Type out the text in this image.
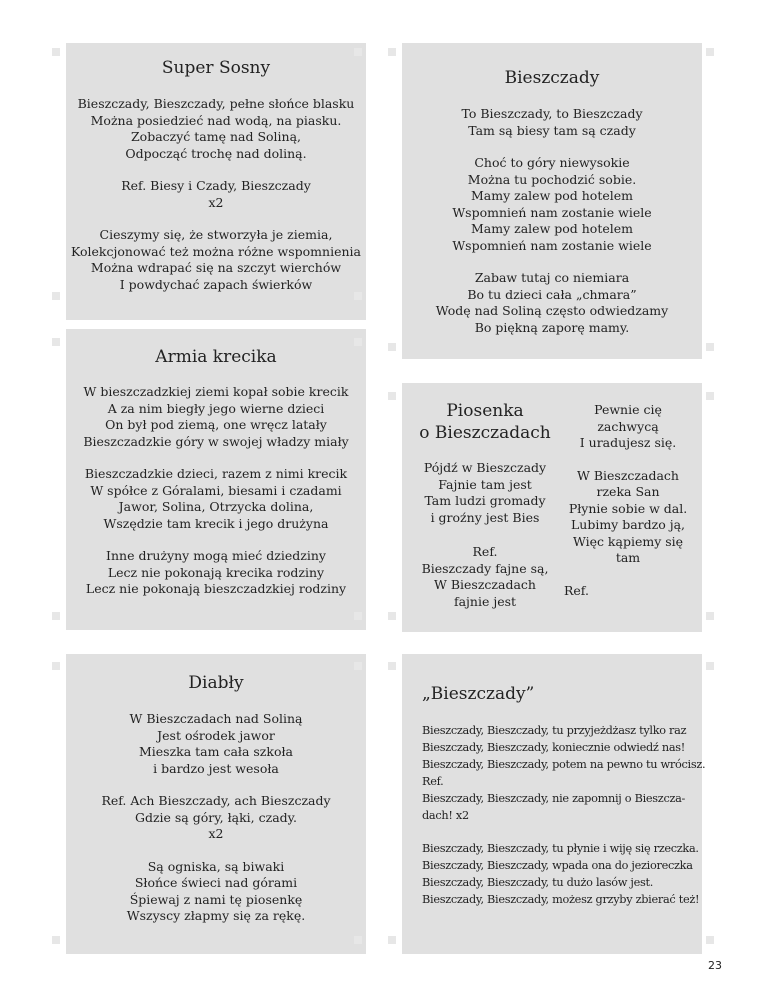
Super Sosny
Bieszczady, Bieszczady, pełne słońce blasku
Można posiedzieć nad wodą, na piasku.
Zobaczyć tamę nad Soliną,
Odpocząć trochę nad doliną.
Ref. Biesy i Czady, Bieszczady
x2
Cieszymy się, że stworzyła je ziemia,
Kolekcjonować też można różne wspomnienia
Można wdrapać się na szczyt wierchów
I powdychać zapach świerków
Bieszczady
To Bieszczady, to Bieszczady
Tam są biesy tam są czady
Choć to góry niewysokie
Można tu pochodzić sobie.
Mamy zalew pod hotelem
Wspomnień nam zostanie wiele
Mamy zalew pod hotelem
Wspomnień nam zostanie wiele
Zabaw tutaj co niemiara
Bo tu dzieci cała „chmara”
Wodę nad Soliną często odwiedzamy
Bo piękną zaporę mamy.
Armia krecika
W bieszczadzkiej ziemi kopał sobie krecik
A za nim biegły jego wierne dzieci
On był pod ziemą, one wręcz latały
Bieszczadzkie góry w swojej władzy miały
Bieszczadzkie dzieci, razem z nimi krecik
W spółce z Góralami, biesami i czadami
Jawor, Solina, Otrzycka dolina,
Wszędzie tam krecik i jego drużyna
Inne drużyny mogą mieć dziedziny
Lecz nie pokonają krecika rodziny
Lecz nie pokonają bieszczadzkiej rodziny
Piosenka
o Bieszczadach
Pójdź w Bieszczady
Fajnie tam jest
Tam ludzi gromady
i groźny jest Bies
Ref.
Bieszczady fajne są,
W Bieszczadach
fajnie jest
Pewnie cię
zachwycą
I uradujesz się.
W Bieszczadach
rzeka San
Płynie sobie w dal.
Lubimy bardzo ją,
Więc kąpiemy się
tam
Ref.
Diabły
W Bieszczadach nad Soliną
Jest ośrodek jawor
Mieszka tam cała szkoła
i bardzo jest wesoła
Ref. Ach Bieszczady, ach Bieszczady
Gdzie są góry, łąki, czady.
x2
Są ogniska, są biwaki
Słońce świeci nad górami
Śpiewaj z nami tę piosenkę
Wszyscy złapmy się za rękę.
„Bieszczady”
Bieszczady, Bieszczady, tu przyjeżdżasz tylko raz
Bieszczady, Bieszczady, koniecznie odwiedź nas!
Bieszczady, Bieszczady, potem na pewno tu wrócisz.
Ref.
Bieszczady, Bieszczady, nie zapomnij o Bieszcza-
dach! x2
Bieszczady, Bieszczady, tu płynie i wiję się rzeczka.
Bieszczady, Bieszczady, wpada ona do jezioreczka
Bieszczady, Bieszczady, tu dużo lasów jest.
Bieszczady, Bieszczady, możesz grzyby zbierać też!
23
